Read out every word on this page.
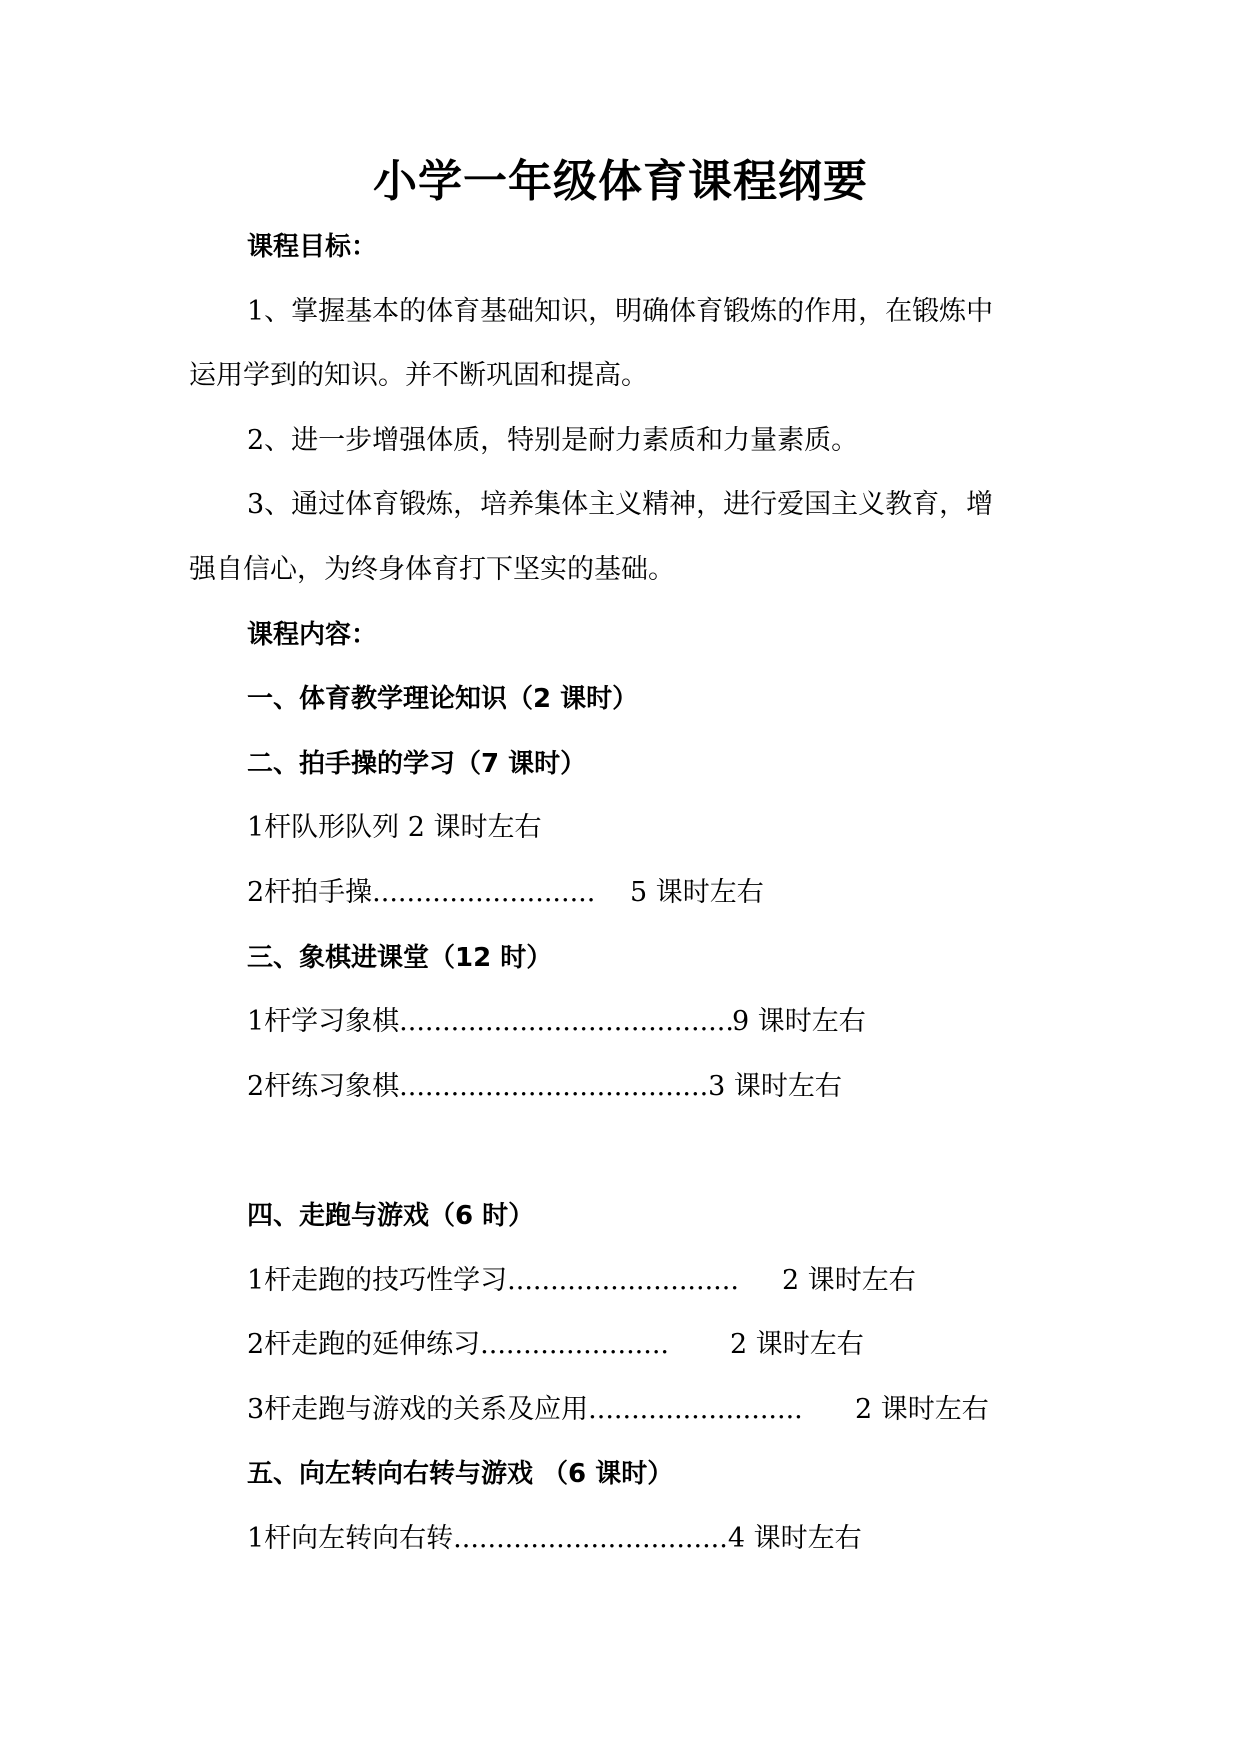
小学一年级体育课程纲要
课程目标：
1、掌握基本的体育基础知识，明确体育锻炼的作用，在锻炼中
运用学到的知识。并不断巩固和提高。
2、进一步增强体质，特别是耐力素质和力量素质。
3、通过体育锻炼，培养集体主义精神，进行爱国主义教育，增
强自信心，为终身体育打下坚实的基础。
课程内容：
一、体育教学理论知识（2 课时）
二、拍手操的学习（7 课时）
1杆队形队列 2 课时左右
2杆拍手操.......................... 5 课时左右
三、象棋进课堂（12 时）
1杆学习象棋.......................................
9 课时左右
2杆练习象棋....................................3 课时左右
四、走跑与游戏（6 时）
1杆走跑的技巧性学习........................... 2 课时左右
2杆走跑的延伸练习...................... 2 课时左右
3杆走跑与游戏的关系及应用......................... 2 课时左右
五、向左转向右转与游戏 （6 课时）
1杆向左转向右转................................4 课时左右
